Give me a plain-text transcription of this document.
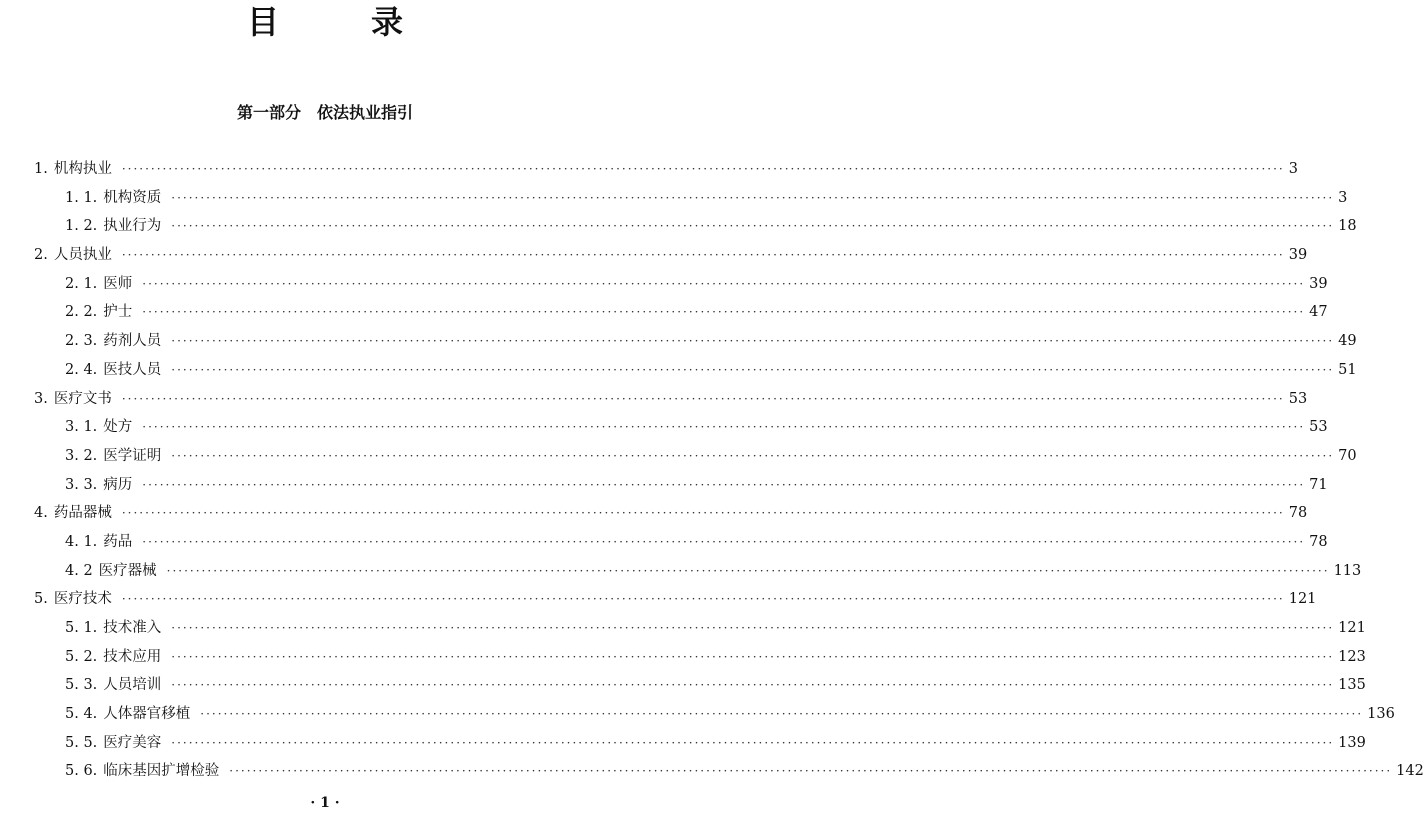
目　录
第一部分　依法执业指引
1. 机构执业 ········································································································································································································ 3
1. 1. 机构资质 ········································································································································································································ 3
1. 2. 执业行为 ········································································································································································································ 18
2. 人员执业 ········································································································································································································ 39
2. 1. 医师 ········································································································································································································ 39
2. 2. 护士 ········································································································································································································ 47
2. 3. 药剂人员 ········································································································································································································ 49
2. 4. 医技人员 ········································································································································································································ 51
3. 医疗文书 ········································································································································································································ 53
3. 1. 处方 ········································································································································································································ 53
3. 2. 医学证明 ········································································································································································································ 70
3. 3. 病历 ········································································································································································································ 71
4. 药品器械 ········································································································································································································ 78
4. 1. 药品 ········································································································································································································ 78
4. 2 医疗器械 ········································································································································································································ 113
5. 医疗技术 ········································································································································································································ 121
5. 1. 技术准入 ········································································································································································································ 121
5. 2. 技术应用 ········································································································································································································ 123
5. 3. 人员培训 ········································································································································································································ 135
5. 4. 人体器官移植 ········································································································································································································ 136
5. 5. 医疗美容 ········································································································································································································ 139
5. 6. 临床基因扩增检验 ········································································································································································································ 142
· 1 ·
